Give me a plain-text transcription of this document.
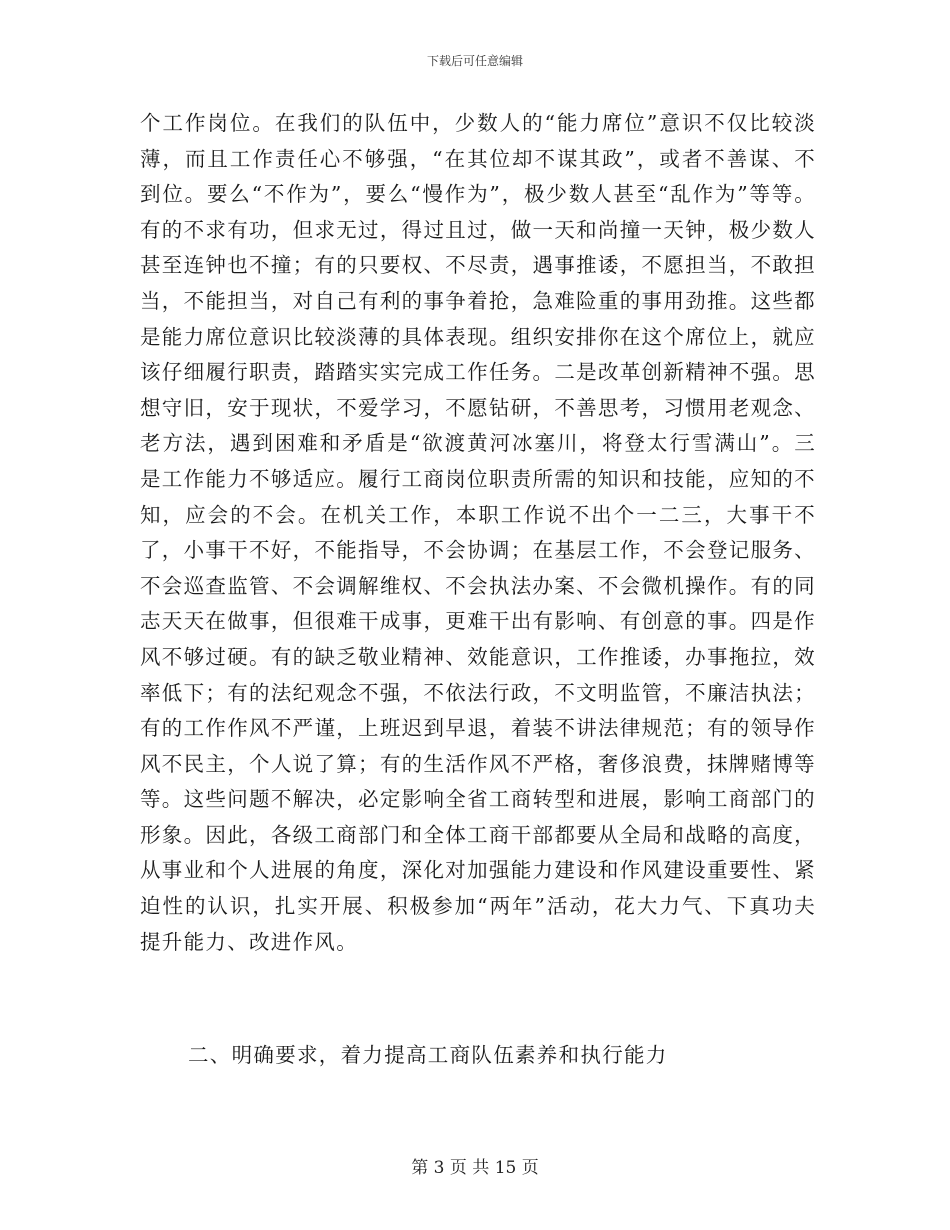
下载后可任意编辑

个工作岗位。在我们的队伍中，少数人的“能力席位”意识不仅比较淡薄，而且工作责任心不够强，“在其位却不谋其政”，或者不善谋、不到位。要么“不作为”，要么“慢作为”，极少数人甚至“乱作为”等等。有的不求有功，但求无过，得过且过，做一天和尚撞一天钟，极少数人甚至连钟也不撞；有的只要权、不尽责，遇事推诿，不愿担当，不敢担当，不能担当，对自己有利的事争着抢，急难险重的事用劲推。这些都是能力席位意识比较淡薄的具体表现。组织安排你在这个席位上，就应该仔细履行职责，踏踏实实完成工作任务。二是改革创新精神不强。思想守旧，安于现状，不爱学习，不愿钻研，不善思考，习惯用老观念、老方法，遇到困难和矛盾是“欲渡黄河冰塞川，将登太行雪满山”。三是工作能力不够适应。履行工商岗位职责所需的知识和技能，应知的不知，应会的不会。在机关工作，本职工作说不出个一二三，大事干不了，小事干不好，不能指导，不会协调；在基层工作，不会登记服务、不会巡查监管、不会调解维权、不会执法办案、不会微机操作。有的同志天天在做事，但很难干成事，更难干出有影响、有创意的事。四是作风不够过硬。有的缺乏敬业精神、效能意识，工作推诿，办事拖拉，效率低下；有的法纪观念不强，不依法行政，不文明监管，不廉洁执法；有的工作作风不严谨，上班迟到早退，着装不讲法律规范；有的领导作风不民主，个人说了算；有的生活作风不严格，奢侈浪费，抹牌赌博等等。这些问题不解决，必定影响全省工商转型和进展，影响工商部门的形象。因此，各级工商部门和全体工商干部都要从全局和战略的高度，从事业和个人进展的角度，深化对加强能力建设和作风建设重要性、紧迫性的认识，扎实开展、积极参加“两年”活动，花大力气、下真功夫提升能力、改进作风。

二、明确要求，着力提高工商队伍素养和执行能力
第 3 页 共 15 页
